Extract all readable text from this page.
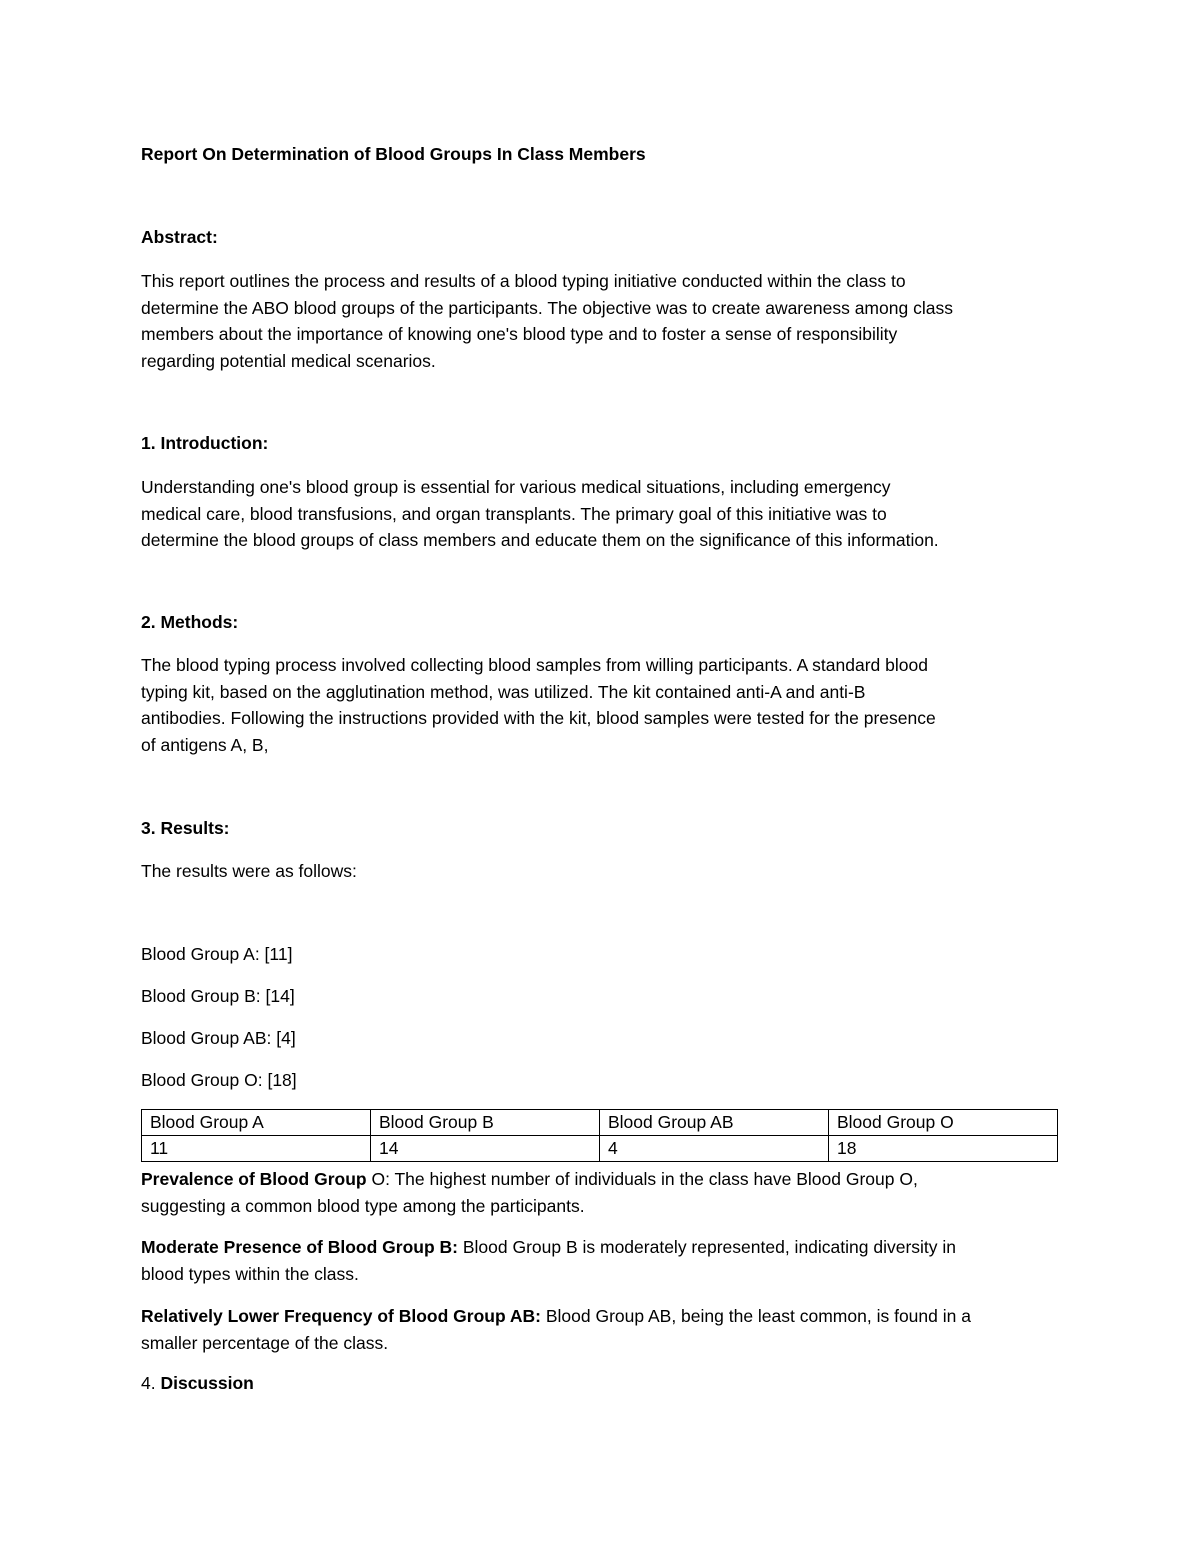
Report On Determination of Blood Groups In Class Members
Abstract:
This report outlines the process and results of a blood typing initiative conducted within the class to
determine the ABO blood groups of the participants. The objective was to create awareness among class
members about the importance of knowing one's blood type and to foster a sense of responsibility
regarding potential medical scenarios.
1. Introduction:
Understanding one's blood group is essential for various medical situations, including emergency
medical care, blood transfusions, and organ transplants. The primary goal of this initiative was to
determine the blood groups of class members and educate them on the significance of this information.
2. Methods:
The blood typing process involved collecting blood samples from willing participants. A standard blood
typing kit, based on the agglutination method, was utilized. The kit contained anti-A and anti-B
antibodies. Following the instructions provided with the kit, blood samples were tested for the presence
of antigens A, B,
3. Results:
The results were as follows:
Blood Group A: [11]
Blood Group B: [14]
Blood Group AB: [4]
Blood Group O: [18]
Blood Group A	Blood Group B	Blood Group AB	Blood Group O
11	14	4	18
Prevalence of Blood Group O: The highest number of individuals in the class have Blood Group O,
suggesting a common blood type among the participants.
Moderate Presence of Blood Group B: Blood Group B is moderately represented, indicating diversity in
blood types within the class.
Relatively Lower Frequency of Blood Group AB: Blood Group AB, being the least common, is found in a
smaller percentage of the class.
4. Discussion
